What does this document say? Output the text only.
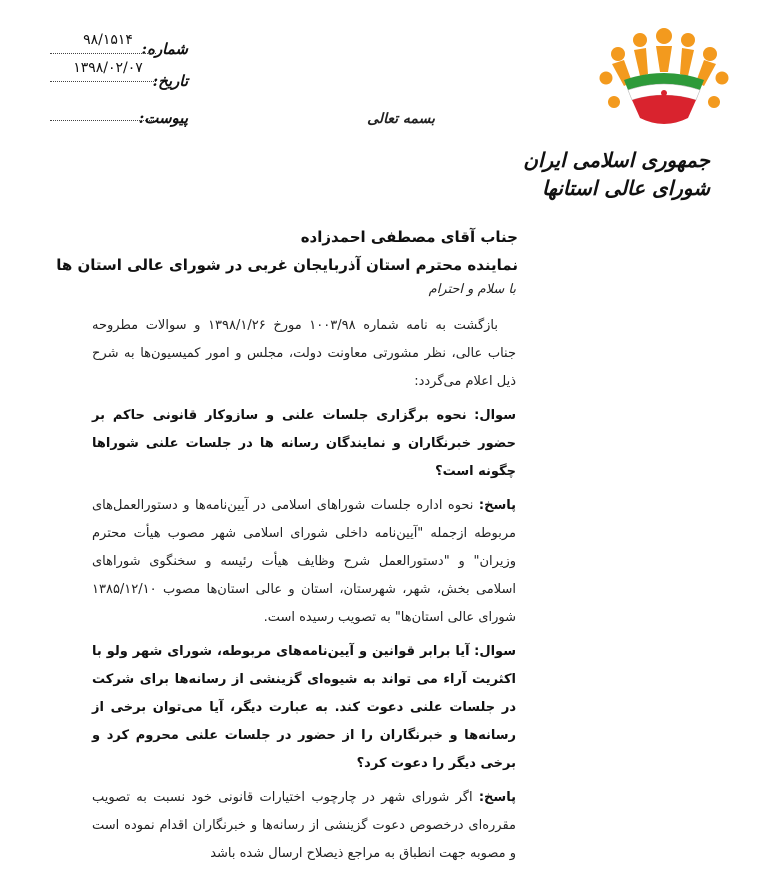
جمهوری اسلامی ایران
شورای عالی استانها
شماره:
۹۸/۱۵۱۴
تاریخ:
۱۳۹۸/۰۲/۰۷
پیوست:	بسمه تعالی
جناب آقای مصطفی احمدزاده
نماینده محترم استان آذربایجان غربی در شورای عالی استان ها
با سلام و احترام

بازگشت به نامه شماره ۱۰۰۳/۹۸ مورخ ۱۳۹۸/۱/۲۶ و سوالات مطروحه جناب عالی، نظر مشورتی معاونت دولت، مجلس و امور کمیسیون‌ها به شرح ذیل اعلام می‌گردد:

سوال: نحوه برگزاری جلسات علنی و سازوکار قانونی حاکم بر حضور خبرنگاران و نمایندگان رسانه ها در جلسات علنی شوراها چگونه است؟

پاسخ: نحوه اداره جلسات شوراهای اسلامی در آیین‌نامه‌ها و دستورالعمل‌های مربوطه ازجمله "آیین‌نامه داخلی شورای اسلامی شهر مصوب هیأت محترم وزیران" و "دستورالعمل شرح وظایف هیأت رئیسه و سخنگوی شوراهای اسلامی بخش، شهر، شهرستان، استان و عالی استان‌ها مصوب ۱۳۸۵/۱۲/۱۰ شورای عالی استان‌ها" به تصویب رسیده است.

سوال: آیا برابر قوانین و آیین‌نامه‌های مربوطه، شورای شهر ولو با اکثریت آراء می تواند به شیوه‌ای گزینشی از رسانه‌ها برای شرکت در جلسات علنی دعوت کند. به عبارت دیگر، آیا می‌توان برخی از رسانه‌ها و خبرنگاران را از حضور در جلسات علنی محروم کرد و برخی دیگر را دعوت کرد؟

پاسخ: اگر شورای شهر در چارچوب اختیارات قانونی خود نسبت به تصویب مقرره‌ای درخصوص دعوت گزینشی از رسانه‌ها و خبرنگاران اقدام نموده است و مصوبه جهت انطباق به مراجع ذیصلاح ارسال شده باشد
